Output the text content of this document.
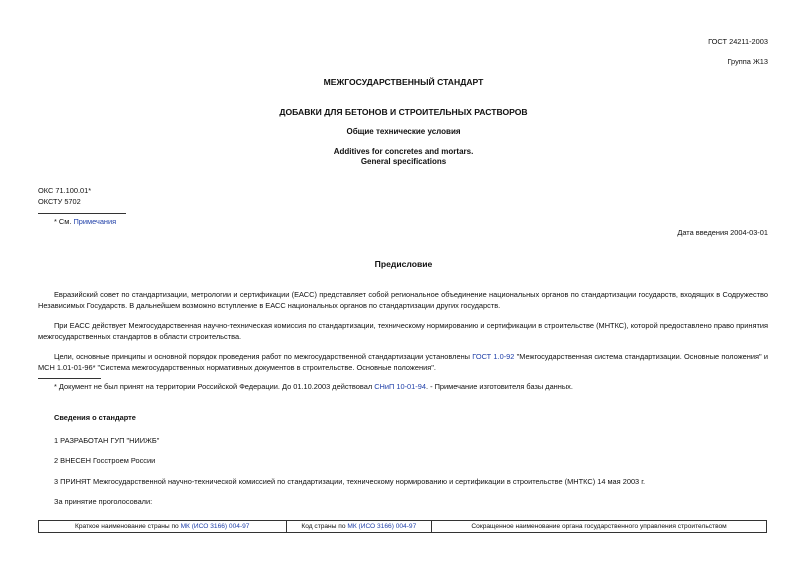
ГОСТ 24211-2003
Группа Ж13
МЕЖГОСУДАРСТВЕННЫЙ СТАНДАРТ
ДОБАВКИ ДЛЯ БЕТОНОВ И СТРОИТЕЛЬНЫХ РАСТВОРОВ
Общие технические условия
Additives for concretes and mortars.
General specifications
ОКС 71.100.01*
ОКСТУ 5702
* См. Примечания
Дата введения 2004-03-01
Предисловие
Евразийский совет по стандартизации, метрологии и сертификации (ЕАСС) представляет собой региональное объединение национальных органов по стандартизации государств, входящих в Содружество Независимых Государств. В дальнейшем возможно вступление в ЕАСС национальных органов по стандартизации других государств.
При ЕАСС действует Межгосударственная научно-техническая комиссия по стандартизации, техническому нормированию и сертификации в строительстве (МНТКС), которой предоставлено право принятия межгосударственных стандартов в области строительства.
Цели, основные принципы и основной порядок проведения работ по межгосударственной стандартизации установлены ГОСТ 1.0-92 "Межгосударственная система стандартизации. Основные положения" и МСН 1.01-01-96* "Система межгосударственных нормативных документов в строительстве. Основные положения".
* Документ не был принят на территории Российской Федерации. До 01.10.2003 действовал СНиП 10-01-94. - Примечание изготовителя базы данных.
Сведения о стандарте
1 РАЗРАБОТАН ГУП "НИИЖБ"
2 ВНЕСЕН Госстроем России
3 ПРИНЯТ Межгосударственной научно-технической комиссией по стандартизации, техническому нормированию и сертификации в строительстве (МНТКС) 14 мая 2003 г.
За принятие проголосовали:
Краткое наименование страны по МК (ИСО 3166) 004-97	Код страны по МК (ИСО 3166) 004-97	Сокращенное наименование органа государственного управления строительством
